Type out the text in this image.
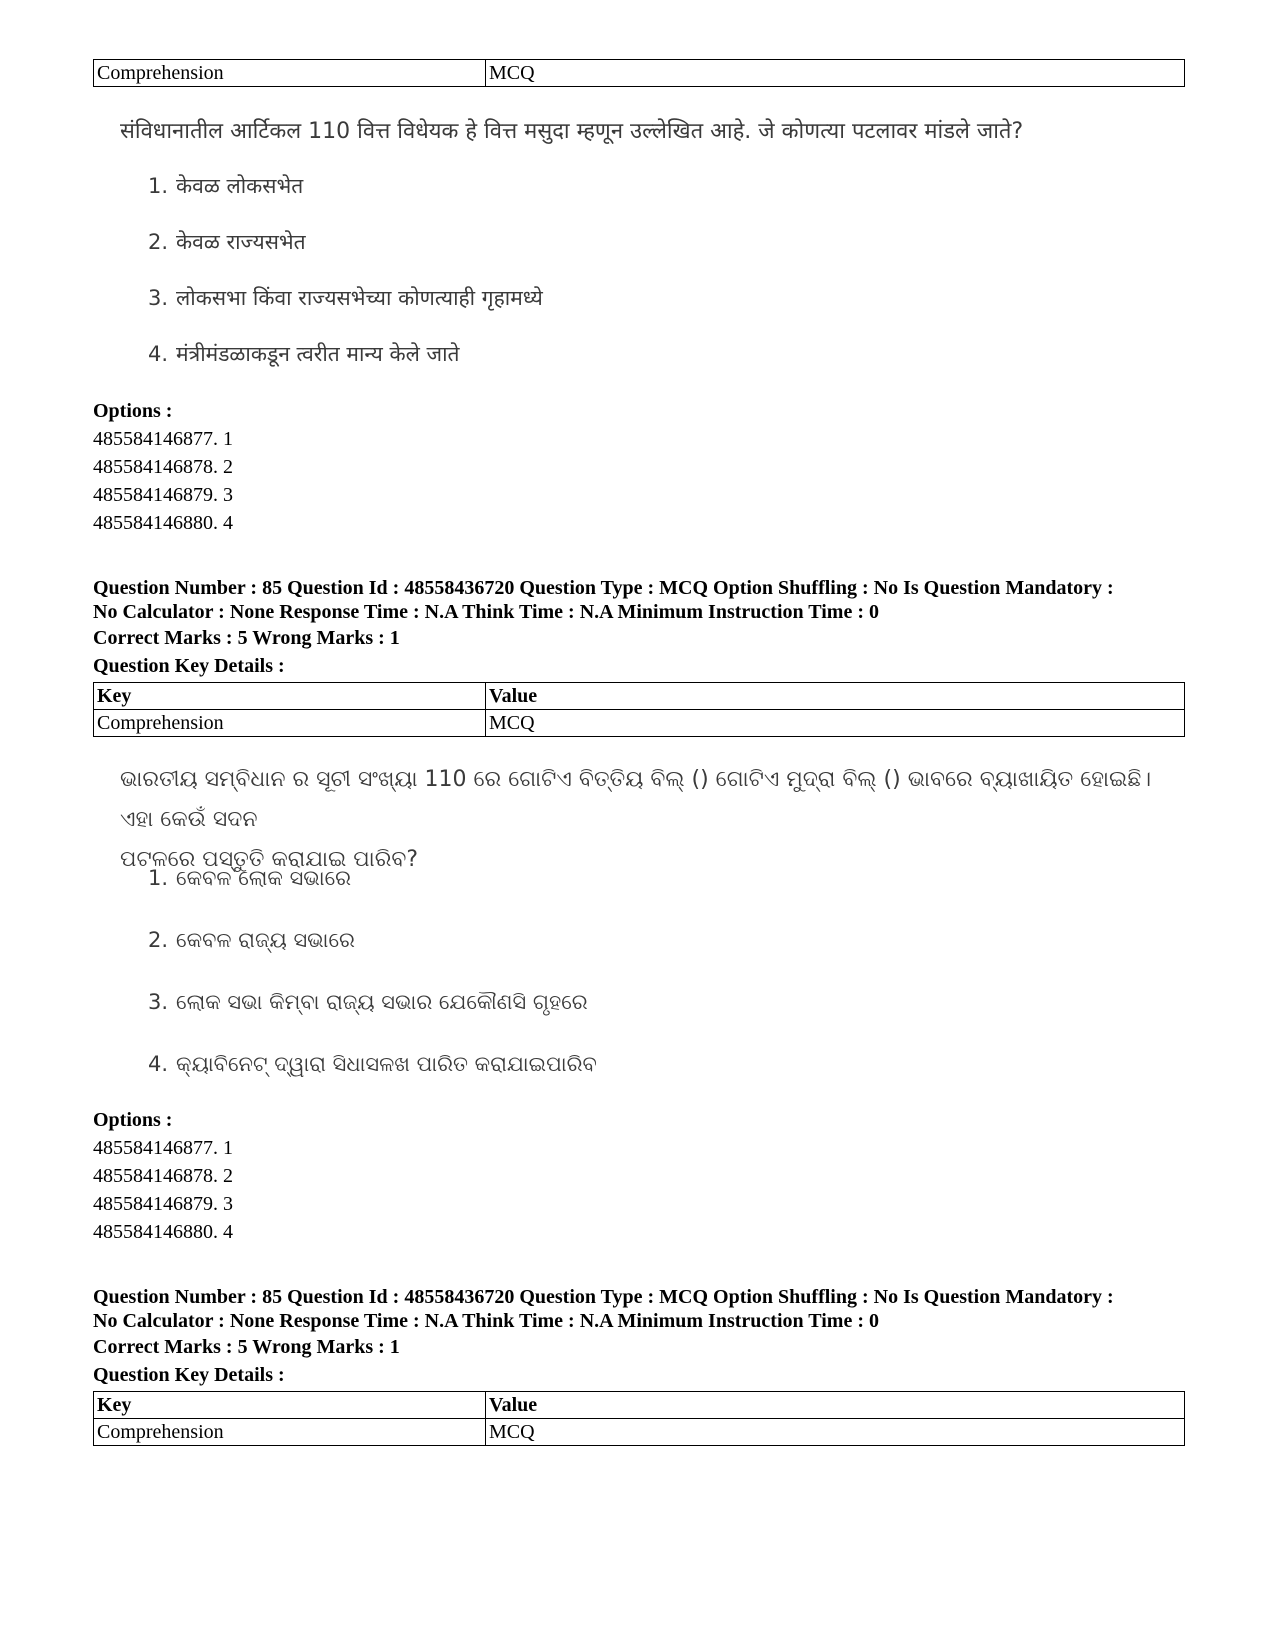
Comprehension	MCQ
संविधानातील आर्टिकल 110 वित्त विधेयक हे वित्त मसुदा म्हणून उल्लेखित आहे. जे कोणत्या पटलावर मांडले जाते?
1. केवळ लोकसभेत
2. केवळ राज्यसभेत
3. लोकसभा किंवा राज्यसभेच्या कोणत्याही गृहामध्ये
4. मंत्रीमंडळाकडून त्वरीत मान्य केले जाते
Options :
485584146877. 1
485584146878. 2
485584146879. 3
485584146880. 4
Question Number : 85 Question Id : 48558436720 Question Type : MCQ Option Shuffling : No Is Question Mandatory :
No Calculator : None Response Time : N.A Think Time : N.A Minimum Instruction Time : 0
Correct Marks : 5 Wrong Marks : 1
Question Key Details :
Key	Value
Comprehension	MCQ
ଭାରତୀୟ ସମ୍ବିଧାନ ର ସୂଚୀ ସଂଖ୍ୟା 110 ରେ ଗୋଟିଏ ବିତ୍ତିୟ ବିଲ୍ () ଗୋଟିଏ ମୁଦ୍ରା ବିଲ୍ () ଭାବରେ ବ୍ୟାଖାୟିତ ହୋଇଛି। ଏହା କେଉଁ ସଦନ
ପଟଳରେ ପସ୍ତୁତି କରାଯାଇ ପାରିବ?
1. କେବଳ ଲୋକ ସଭାରେ
2. କେବଳ ରାଜ୍ୟ ସଭାରେ
3. ଲୋକ ସଭା କିମ୍ବା ରାଜ୍ୟ ସଭାର ଯେକୌଣସି ଗୃହରେ
4. କ୍ୟାବିନେଟ୍ ଦ୍ୱାରା ସିଧାସଳଖ ପାରିତ କରାଯାଇପାରିବ
Options :
485584146877. 1
485584146878. 2
485584146879. 3
485584146880. 4
Question Number : 85 Question Id : 48558436720 Question Type : MCQ Option Shuffling : No Is Question Mandatory :
No Calculator : None Response Time : N.A Think Time : N.A Minimum Instruction Time : 0
Correct Marks : 5 Wrong Marks : 1
Question Key Details :
Key	Value
Comprehension	MCQ
